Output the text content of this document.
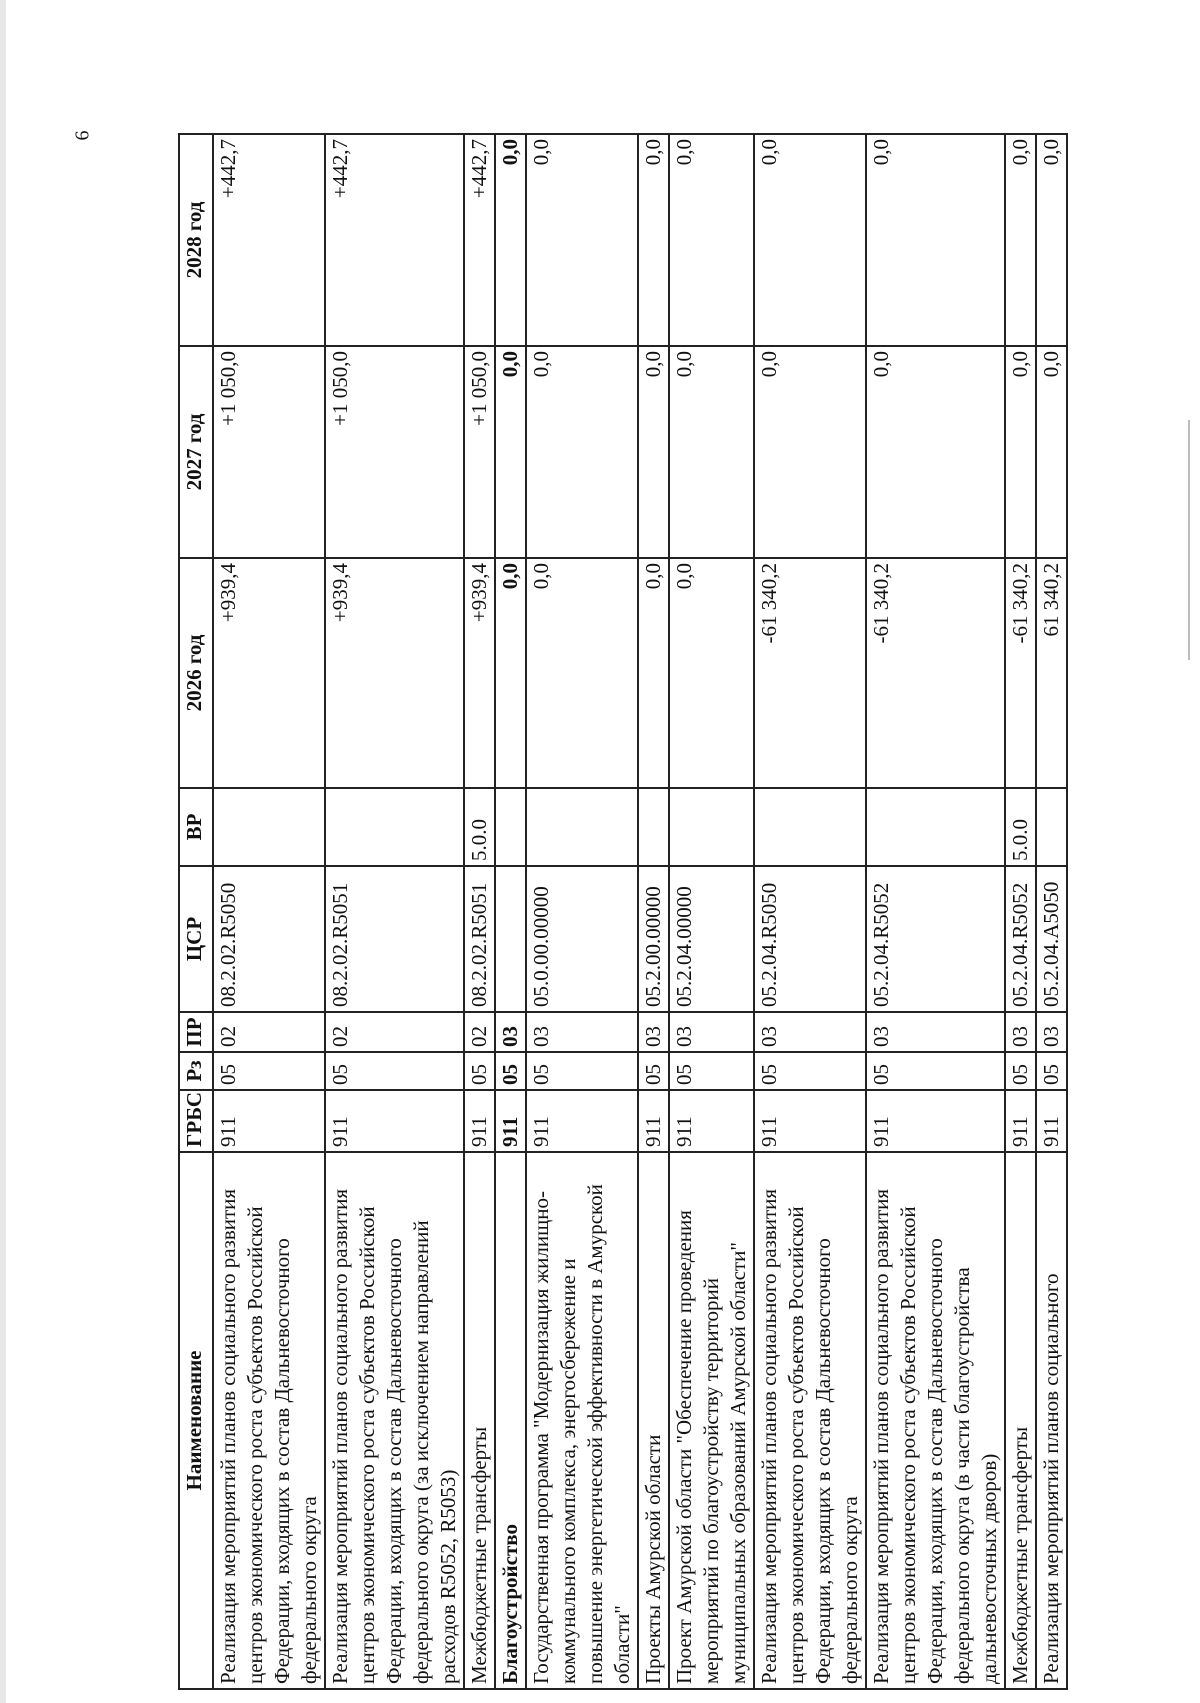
6
Наименование	ГРБС	Рз	ПР	ЦСР	ВР	2026 год	2027 год	2028 год
Реализация мероприятий планов социального развития центров экономического роста субъектов Российской Федерации, входящих в состав Дальневосточного федерального округа	911	05	02	08.2.02.R5050		+939,4	+1 050,0	+442,7
Реализация мероприятий планов социального развития центров экономического роста субъектов Российской Федерации, входящих в состав Дальневосточного федерального округа (за исключением направлений расходов R5052, R5053)	911	05	02	08.2.02.R5051		+939,4	+1 050,0	+442,7
Межбюджетные трансферты	911	05	02	08.2.02.R5051	5.0.0	+939,4	+1 050,0	+442,7
Благоустройство	911	05	03			0,0	0,0	0,0
Государственная программа "Модернизация жилищно-коммунального комплекса, энергосбережение и повышение энергетической эффективности в Амурской области"	911	05	03	05.0.00.00000		0,0	0,0	0,0
Проекты Амурской области	911	05	03	05.2.00.00000		0,0	0,0	0,0
Проект Амурской области "Обеспечение проведения мероприятий по благоустройству территорий муниципальных образований Амурской области"	911	05	03	05.2.04.00000		0,0	0,0	0,0
Реализация мероприятий планов социального развития центров экономического роста субъектов Российской Федерации, входящих в состав Дальневосточного федерального округа	911	05	03	05.2.04.R5050		-61 340,2	0,0	0,0
Реализация мероприятий планов социального развития центров экономического роста субъектов Российской Федерации, входящих в состав Дальневосточного федерального округа (в части благоустройства дальневосточных дворов)	911	05	03	05.2.04.R5052		-61 340,2	0,0	0,0
Межбюджетные трансферты	911	05	03	05.2.04.R5052	5.0.0	-61 340,2	0,0	0,0
Реализация мероприятий планов социального	911	05	03	05.2.04.А5050		61 340,2	0,0	0,0
